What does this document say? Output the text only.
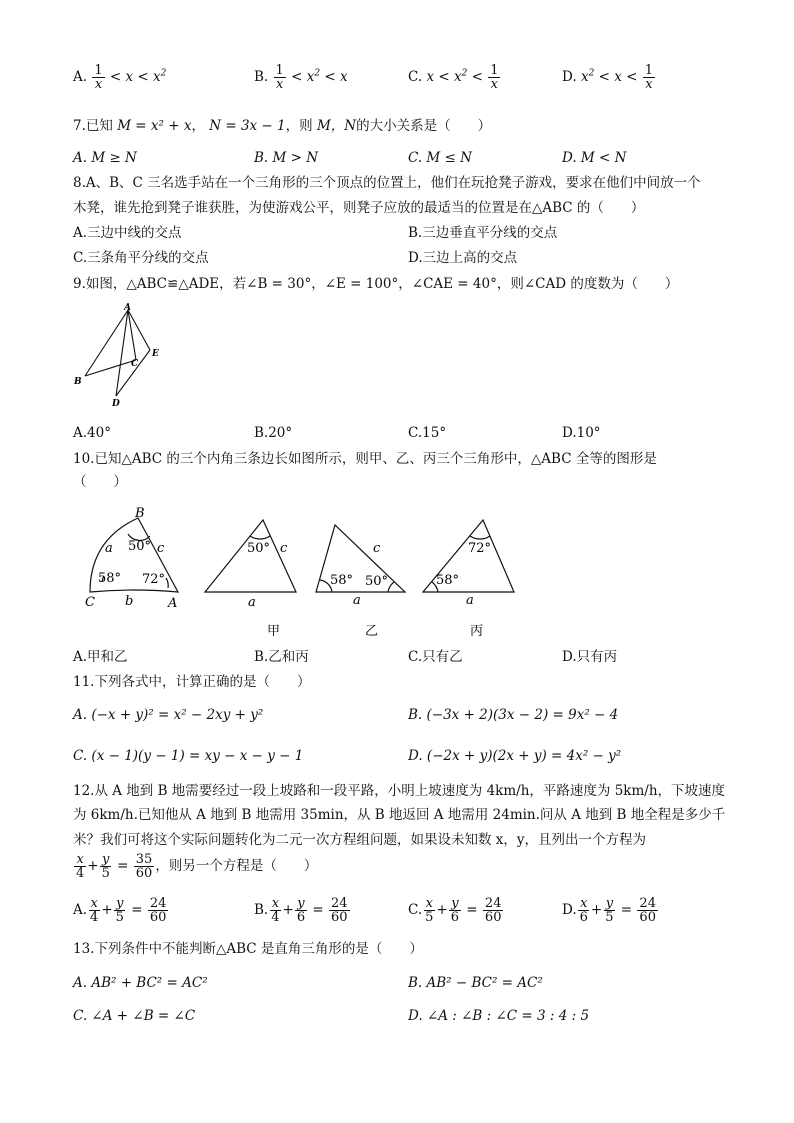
A. $\frac{1}{x} < x < x^2$	B. $\frac{1}{x} < x^2 < x$	C. $x < x^2 < \frac{1}{x}$	D. $x^2 < x < \frac{1}{x}$
7.已知 M = x² + x， N = 3x − 1，则 M，N的大小关系是（　　）
A. M ≥ N	B. M > N	C. M ≤ N	D. M < N
8.A、B、C 三名选手站在一个三角形的三个顶点的位置上，他们在玩抢凳子游戏，要求在他们中间放一个
木凳，谁先抢到凳子谁获胜，为使游戏公平，则凳子应放的最适当的位置是在△ABC 的（　　）
A.三边中线的交点	B.三边垂直平分线的交点
C.三条角平分线的交点	D.三边上高的交点
9.如图，△ABC≌△ADE，若∠B = 30°，∠E = 100°，∠CAE = 40°，则∠CAD 的度数为（　　）
A
B
C
D
E
A.40°	B.20°	C.15°	D.10°
10.已知△ABC 的三个内角三条边长如图所示，则甲、乙、丙三个三角形中，△ABC 全等的图形是
（　　）
B
C	A
a
b
c
50°
58° 72°
50° c
a
甲
c
58° 50°
a
乙
72°
58°
a
丙
A.甲和乙	B.乙和丙	C.只有乙	D.只有丙
11.下列各式中，计算正确的是（　　）
A. (−x + y)² = x² − 2xy + y²	B. (−3x + 2)(3x − 2) = 9x² − 4
C. (x − 1)(y − 1) = xy − x − y − 1	D. (−2x + y)(2x + y) = 4x² − y²
12.从 A 地到 B 地需要经过一段上坡路和一段平路，小明上坡速度为 4km/h，平路速度为 5km/h，下坡速度
为 6km/h.已知他从 A 地到 B 地需用 35min，从 B 地返回 A 地需用 24min.问从 A 地到 B 地全程是多少千
米？我们可将这个实际问题转化为二元一次方程组问题，如果设未知数 x，y，且列出一个方程为
$\frac{x}{4} + \frac{y}{5} = \frac{35}{60}$ ，则另一个方程是（　　）
A. $\frac{x}{4} + \frac{y}{5} = \frac{24}{60}$	B. $\frac{x}{4} + \frac{y}{6} = \frac{24}{60}$	C. $\frac{x}{5} + \frac{y}{6} = \frac{24}{60}$	D. $\frac{x}{6} + \frac{y}{5} = \frac{24}{60}$
13.下列条件中不能判断△ABC 是直角三角形的是（　　）
A. AB² + BC² = AC²	B. AB² − BC² = AC²
C. ∠A + ∠B = ∠C	D. ∠A : ∠B : ∠C = 3 : 4 : 5
